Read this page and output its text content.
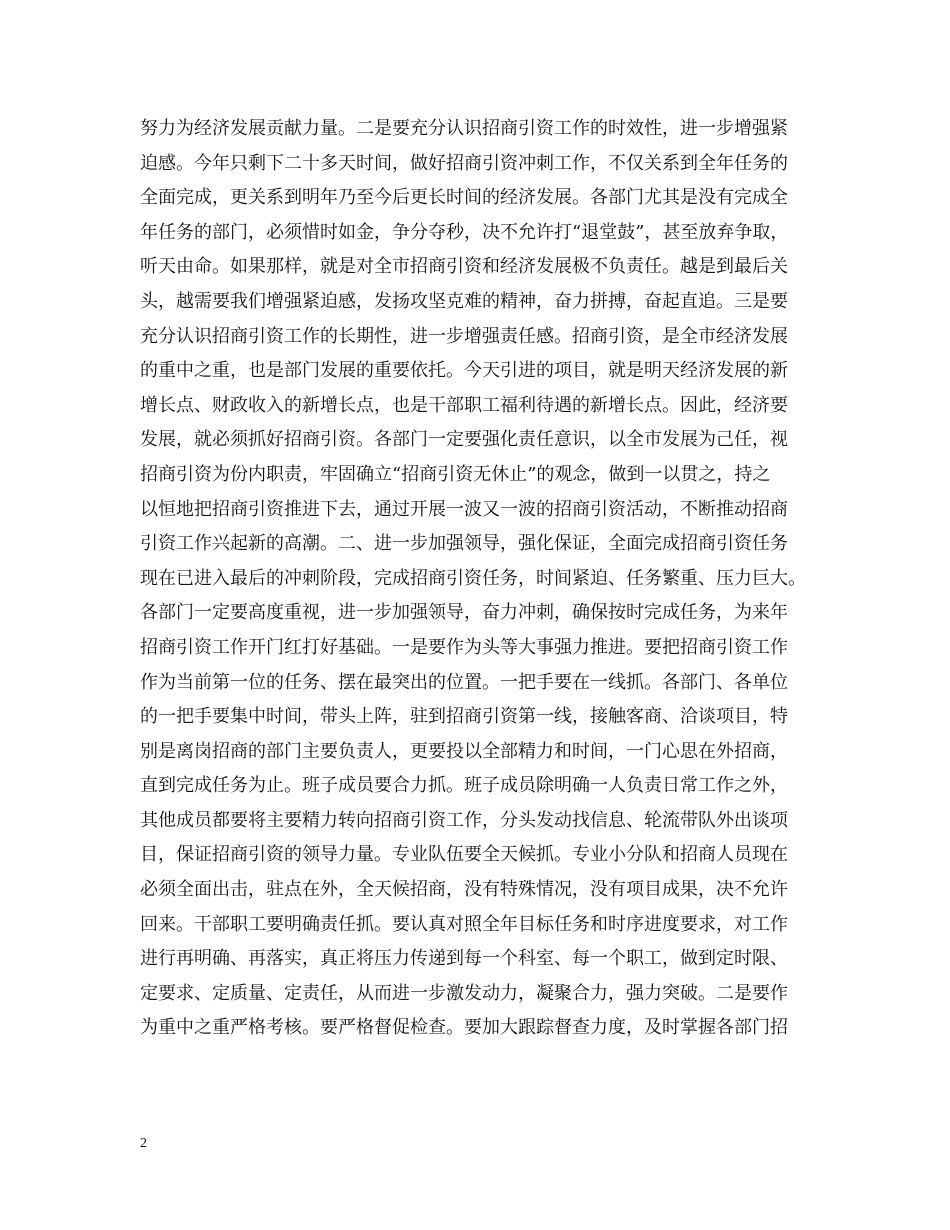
努力为经济发展贡献力量。二是要充分认识招商引资工作的时效性，进一步增强紧
迫感。今年只剩下二十多天时间，做好招商引资冲刺工作，不仅关系到全年任务的
全面完成，更关系到明年乃至今后更长时间的经济发展。各部门尤其是没有完成全
年任务的部门，必须惜时如金，争分夺秒，决不允许打“退堂鼓”，甚至放弃争取，
听天由命。如果那样，就是对全市招商引资和经济发展极不负责任。越是到最后关
头，越需要我们增强紧迫感，发扬攻坚克难的精神，奋力拼搏，奋起直追。三是要
充分认识招商引资工作的长期性，进一步增强责任感。招商引资，是全市经济发展
的重中之重，也是部门发展的重要依托。今天引进的项目，就是明天经济发展的新
增长点、财政收入的新增长点，也是干部职工福利待遇的新增长点。因此，经济要
发展，就必须抓好招商引资。各部门一定要强化责任意识，以全市发展为己任，视
招商引资为份内职责，牢固确立“招商引资无休止”的观念，做到一以贯之，持之
以恒地把招商引资推进下去，通过开展一波又一波的招商引资活动，不断推动招商
引资工作兴起新的高潮。二、进一步加强领导，强化保证，全面完成招商引资任务
现在已进入最后的冲刺阶段，完成招商引资任务，时间紧迫、任务繁重、压力巨大。
各部门一定要高度重视，进一步加强领导，奋力冲刺，确保按时完成任务，为来年
招商引资工作开门红打好基础。一是要作为头等大事强力推进。要把招商引资工作
作为当前第一位的任务、摆在最突出的位置。一把手要在一线抓。各部门、各单位
的一把手要集中时间，带头上阵，驻到招商引资第一线，接触客商、洽谈项目，特
别是离岗招商的部门主要负责人，更要投以全部精力和时间，一门心思在外招商，
直到完成任务为止。班子成员要合力抓。班子成员除明确一人负责日常工作之外，
其他成员都要将主要精力转向招商引资工作，分头发动找信息、轮流带队外出谈项
目，保证招商引资的领导力量。专业队伍要全天候抓。专业小分队和招商人员现在
必须全面出击，驻点在外，全天候招商，没有特殊情况，没有项目成果，决不允许
回来。干部职工要明确责任抓。要认真对照全年目标任务和时序进度要求，对工作
进行再明确、再落实，真正将压力传递到每一个科室、每一个职工，做到定时限、
定要求、定质量、定责任，从而进一步激发动力，凝聚合力，强力突破。二是要作
为重中之重严格考核。要严格督促检查。要加大跟踪督查力度，及时掌握各部门招
2
